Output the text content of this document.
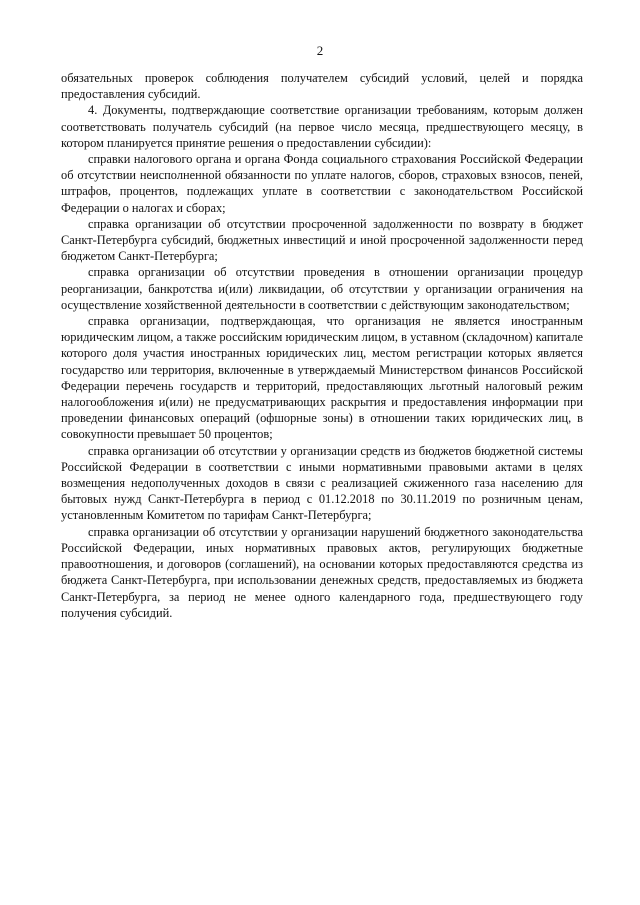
2

обязательных проверок соблюдения получателем субсидий условий, целей и порядка предоставления субсидий.

4. Документы, подтверждающие соответствие организации требованиям, которым должен соответствовать получатель субсидий (на первое число месяца, предшествующего месяцу, в котором планируется принятие решения о предоставлении субсидии):

справки налогового органа и органа Фонда социального страхования Российской Федерации об отсутствии неисполненной обязанности по уплате налогов, сборов, страховых взносов, пеней, штрафов, процентов, подлежащих уплате в соответствии с законодательством Российской Федерации о налогах и сборах;

справка организации об отсутствии просроченной задолженности по возврату в бюджет Санкт-Петербурга субсидий, бюджетных инвестиций и иной просроченной задолженности перед бюджетом Санкт-Петербурга;

справка организации об отсутствии проведения в отношении организации процедур реорганизации, банкротства и(или) ликвидации, об отсутствии у организации ограничения на осуществление хозяйственной деятельности в соответствии с действующим законодательством;

справка организации, подтверждающая, что организация не является иностранным юридическим лицом, а также российским юридическим лицом, в уставном (складочном) капитале которого доля участия иностранных юридических лиц, местом регистрации которых является государство или территория, включенные в утверждаемый Министерством финансов Российской Федерации перечень государств и территорий, предоставляющих льготный налоговый режим налогообложения и(или) не предусматривающих раскрытия и предоставления информации при проведении финансовых операций (офшорные зоны) в отношении таких юридических лиц, в совокупности превышает 50 процентов;

справка организации об отсутствии у организации средств из бюджетов бюджетной системы Российской Федерации в соответствии с иными нормативными правовыми актами в целях возмещения недополученных доходов в связи с реализацией сжиженного газа населению для бытовых нужд Санкт-Петербурга в период с 01.12.2018 по 30.11.2019 по розничным ценам, установленным Комитетом по тарифам Санкт-Петербурга;

справка организации об отсутствии у организации нарушений бюджетного законодательства Российской Федерации, иных нормативных правовых актов, регулирующих бюджетные правоотношения, и договоров (соглашений), на основании которых предоставляются средства из бюджета Санкт-Петербурга, при использовании денежных средств, предоставляемых из бюджета Санкт-Петербурга, за период не менее одного календарного года, предшествующего году получения субсидий.
